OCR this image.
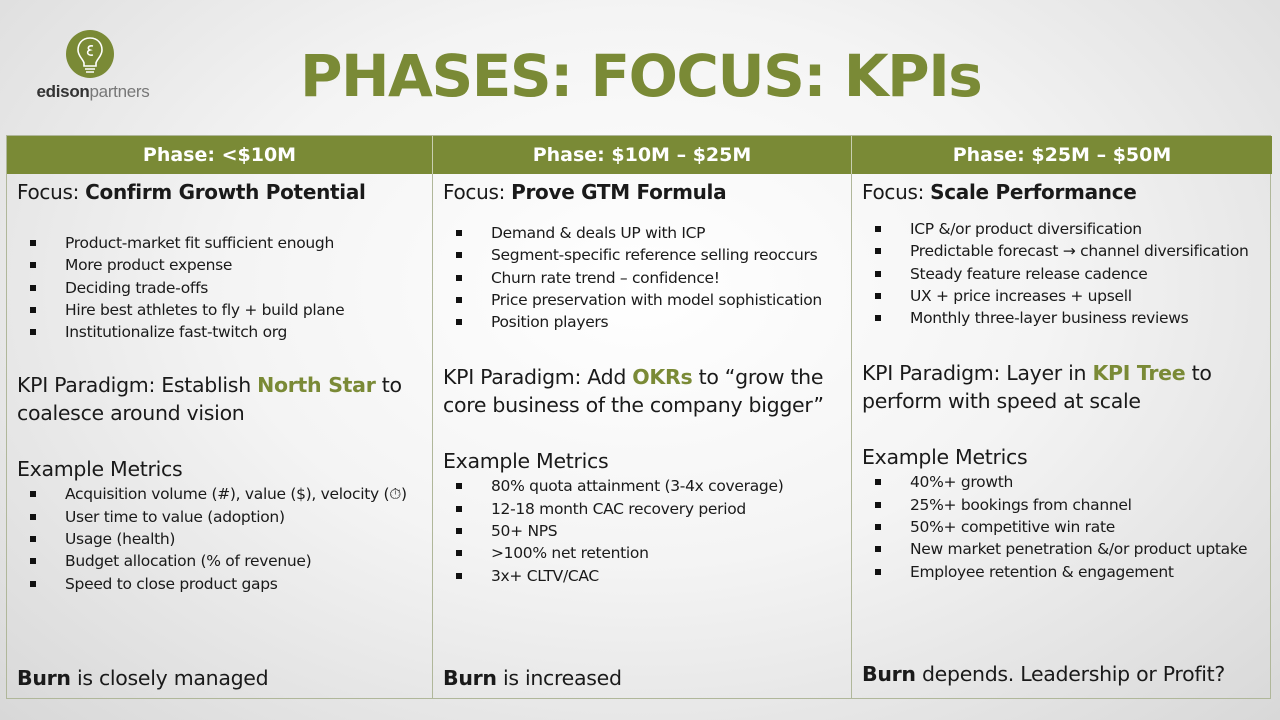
edisonpartners	PHASES: FOCUS: KPIs
Phase: <$10M	Phase: $10M – $25M	Phase: $25M – $50M
Focus: Confirm Growth Potential
Product-market fit sufficient enough
More product expense
Deciding trade-offs
Hire best athletes to fly + build plane
Institutionalize fast-twitch org
KPI Paradigm: Establish North Star to coalesce around vision
Example Metrics
Acquisition volume (#), value ($), velocity (⏱)
User time to value (adoption)
Usage (health)
Budget allocation (% of revenue)
Speed to close product gaps
Burn is closely managed
Focus: Prove GTM Formula
Demand & deals UP with ICP
Segment-specific reference selling reoccurs
Churn rate trend – confidence!
Price preservation with model sophistication
Position players
KPI Paradigm: Add OKRs to “grow the core business of the company bigger”
Example Metrics
80% quota attainment (3-4x coverage)
12-18 month CAC recovery period
50+ NPS
>100% net retention
3x+ CLTV/CAC
Burn is increased
Focus: Scale Performance
ICP &/or product diversification
Predictable forecast → channel diversification
Steady feature release cadence
UX + price increases + upsell
Monthly three-layer business reviews
KPI Paradigm: Layer in KPI Tree to perform with speed at scale
Example Metrics
40%+ growth
25%+ bookings from channel
50%+ competitive win rate
New market penetration &/or product uptake
Employee retention & engagement
Burn depends. Leadership or Profit?
